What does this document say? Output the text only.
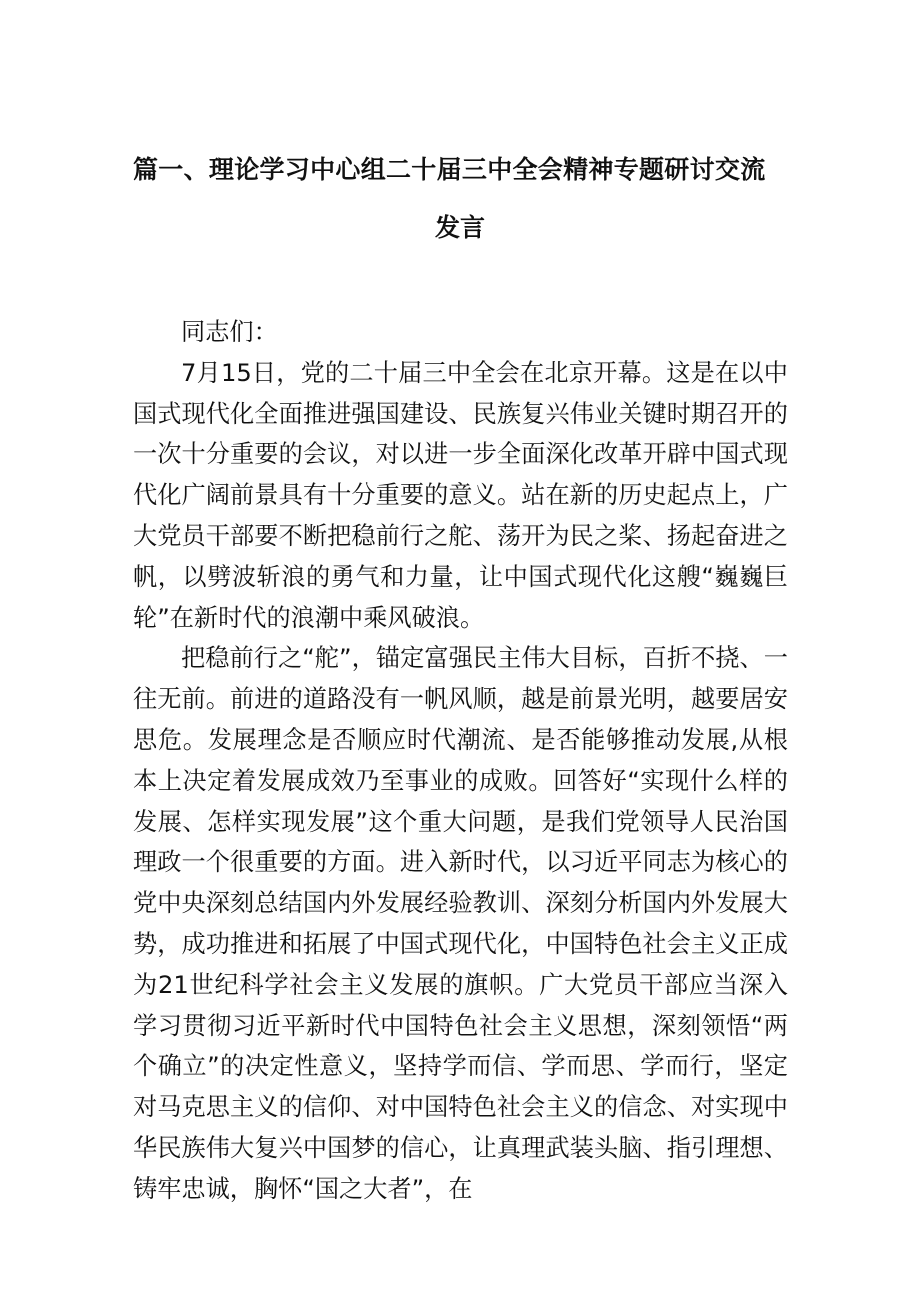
篇一、理论学习中心组二十届三中全会精神专题研讨交流
发言

同志们：

7月15日，党的二十届三中全会在北京开幕。这是在以中国式现代化全面推进强国建设、民族复兴伟业关键时期召开的一次十分重要的会议，对以进一步全面深化改革开辟中国式现代化广阔前景具有十分重要的意义。站在新的历史起点上，广大党员干部要不断把稳前行之舵、荡开为民之桨、扬起奋进之帆，以劈波斩浪的勇气和力量，让中国式现代化这艘“巍巍巨轮”在新时代的浪潮中乘风破浪。

把稳前行之“舵”，锚定富强民主伟大目标，百折不挠、一往无前。前进的道路没有一帆风顺，越是前景光明，越要居安思危。发展理念是否顺应时代潮流、是否能够推动发展,从根本上决定着发展成效乃至事业的成败。回答好“实现什么样的发展、怎样实现发展”这个重大问题，是我们党领导人民治国理政一个很重要的方面。进入新时代，以习近平同志为核心的党中央深刻总结国内外发展经验教训、深刻分析国内外发展大势，成功推进和拓展了中国式现代化，中国特色社会主义正成为21世纪科学社会主义发展的旗帜。广大党员干部应当深入学习贯彻习近平新时代中国特色社会主义思想，深刻领悟“两个确立”的决定性意义，坚持学而信、学而思、学而行，坚定对马克思主义的信仰、对中国特色社会主义的信念、对实现中华民族伟大复兴中国梦的信心，让真理武装头脑、指引理想、铸牢忠诚，胸怀“国之大者”，在
